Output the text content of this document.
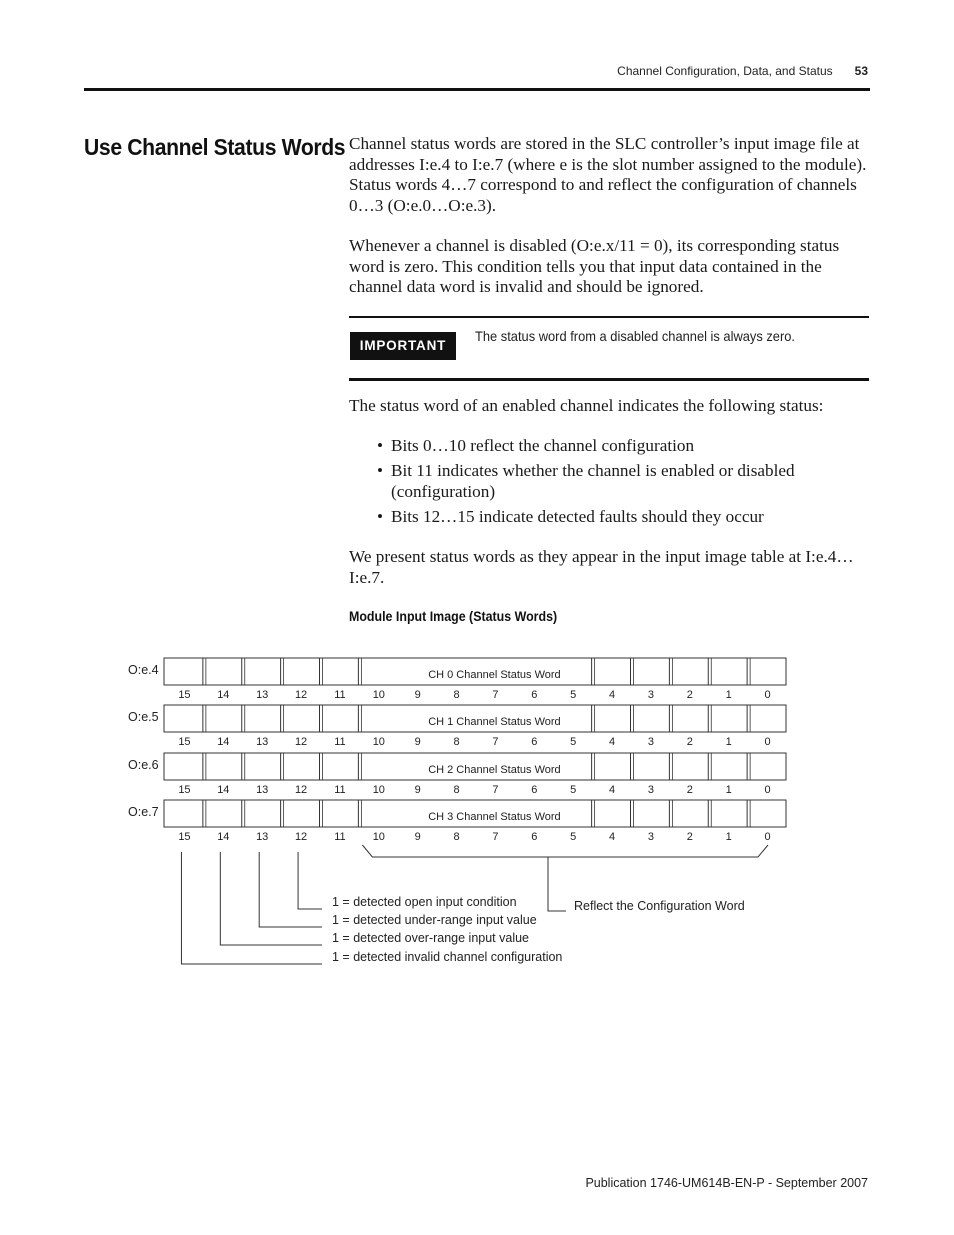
Channel Configuration, Data, and Status 53
Use Channel Status Words Channel status words are stored in the SLC controller’s input image file at addresses I:e.4 to I:e.7 (where e is the slot number assigned to the module). Status words 4…7 correspond to and reflect the configuration of channels 0…3 (O:e.0…O:e.3).

Whenever a channel is disabled (O:e.x/11 = 0), its corresponding status word is zero. This condition tells you that input data contained in the channel data word is invalid and should be ignored.

IMPORTANT
The status word from a disabled channel is always zero.

The status word of an enabled channel indicates the following status:

• Bits 0…10 reflect the channel configuration
• Bit 11 indicates whether the channel is enabled or disabled (configuration)
• Bits 12…15 indicate detected faults should they occur

We present status words as they appear in the input image table at I:e.4…I:e.7.

Module Input Image (Status Words)

O:e.4	CH 0 Channel Status Word
15 14 13 12 11 10	9	8	7	6	5	4	3	2	1	0
O:e.5	CH 1 Channel Status Word
15 14 13 12 11 10	9	8	7	6	5	4	3	2	1	0
O:e.6	CH 2 Channel Status Word
15 14 13 12 11 10	9	8	7	6	5	4	3	2	1	0
O:e.7	CH 3 Channel Status Word
15 14 13 12 11 10	9	8	7	6	5	4	3	2	1	0
Reflect the Configuration Word
1 = detected open input condition
1 = detected under-range input value
1 = detected over-range input value
1 = detected invalid channel configuration
Publication 1746-UM614B-EN-P - September 2007
